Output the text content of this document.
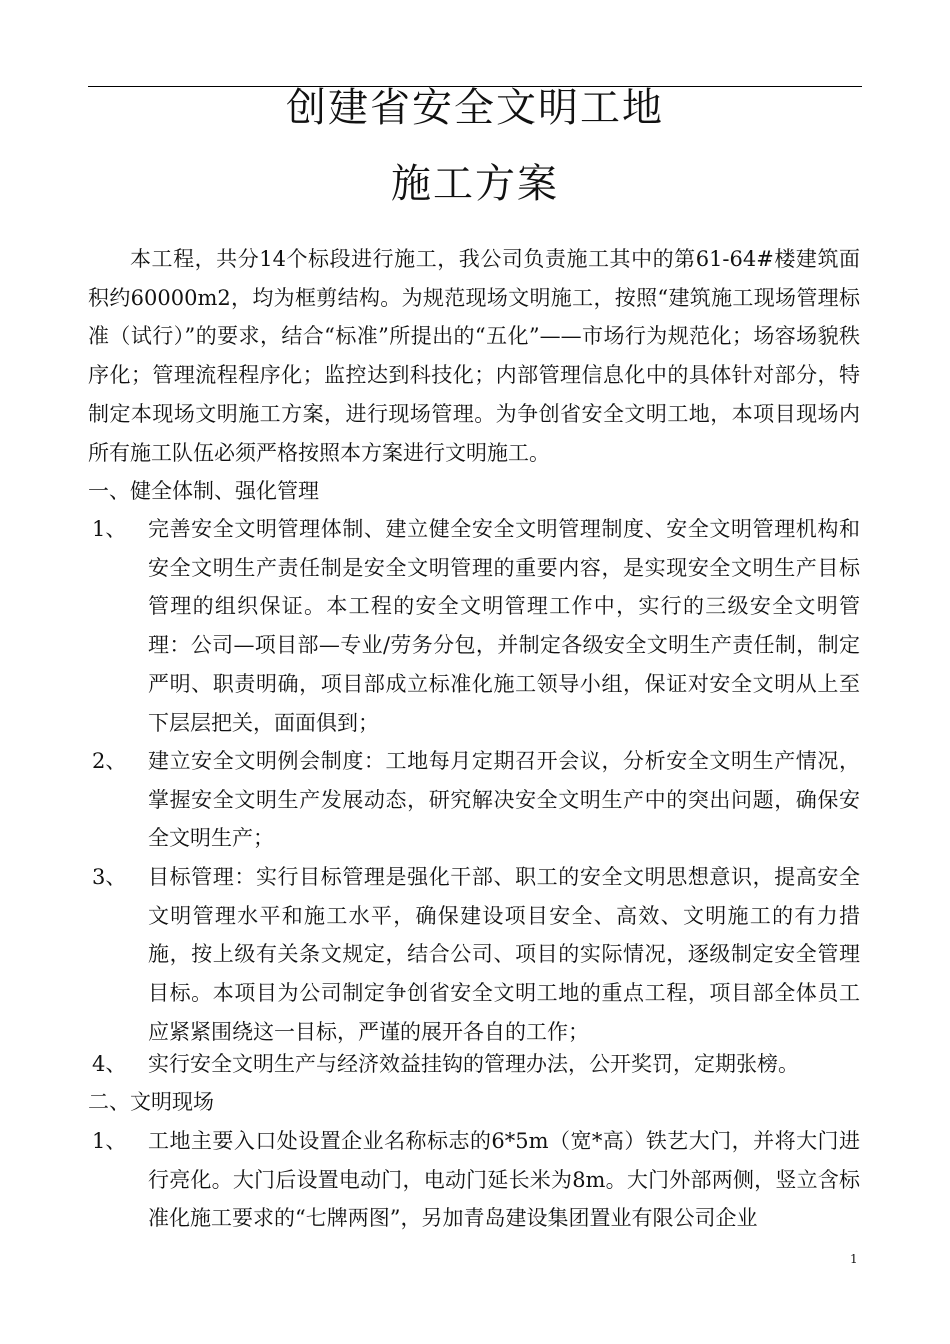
创建省安全文明工地
施工方案
本工程，共分14个标段进行施工，我公司负责施工其中的第61-64#楼建筑面积约60000m2，均为框剪结构。为规范现场文明施工，按照“建筑施工现场管理标准（试行）”的要求，结合“标准”所提出的“五化”——市场行为规范化；场容场貌秩序化；管理流程程序化；监控达到科技化；内部管理信息化中的具体针对部分，特制定本现场文明施工方案，进行现场管理。为争创省安全文明工地，本项目现场内所有施工队伍必须严格按照本方案进行文明施工。
一、健全体制、强化管理
1、 完善安全文明管理体制、建立健全安全文明管理制度、安全文明管理机构和安全文明生产责任制是安全文明管理的重要内容，是实现安全文明生产目标管理的组织保证。本工程的安全文明管理工作中，实行的三级安全文明管理：公司—项目部—专业/劳务分包，并制定各级安全文明生产责任制，制定严明、职责明确，项目部成立标准化施工领导小组，保证对安全文明从上至下层层把关，面面俱到；
2、 建立安全文明例会制度：工地每月定期召开会议，分析安全文明生产情况，掌握安全文明生产发展动态，研究解决安全文明生产中的突出问题，确保安全文明生产；
3、 目标管理：实行目标管理是强化干部、职工的安全文明思想意识，提高安全文明管理水平和施工水平，确保建设项目安全、高效、文明施工的有力措施，按上级有关条文规定，结合公司、项目的实际情况，逐级制定安全管理目标。本项目为公司制定争创省安全文明工地的重点工程，项目部全体员工应紧紧围绕这一目标，严谨的展开各自的工作；
4、 实行安全文明生产与经济效益挂钩的管理办法，公开奖罚，定期张榜。
二、文明现场
1、 工地主要入口处设置企业名称标志的6*5m（宽*高）铁艺大门，并将大门进行亮化。大门后设置电动门，电动门延长米为8m。大门外部两侧，竖立含标准化施工要求的“七牌两图”，另加青岛建设集团置业有限公司企业
1
